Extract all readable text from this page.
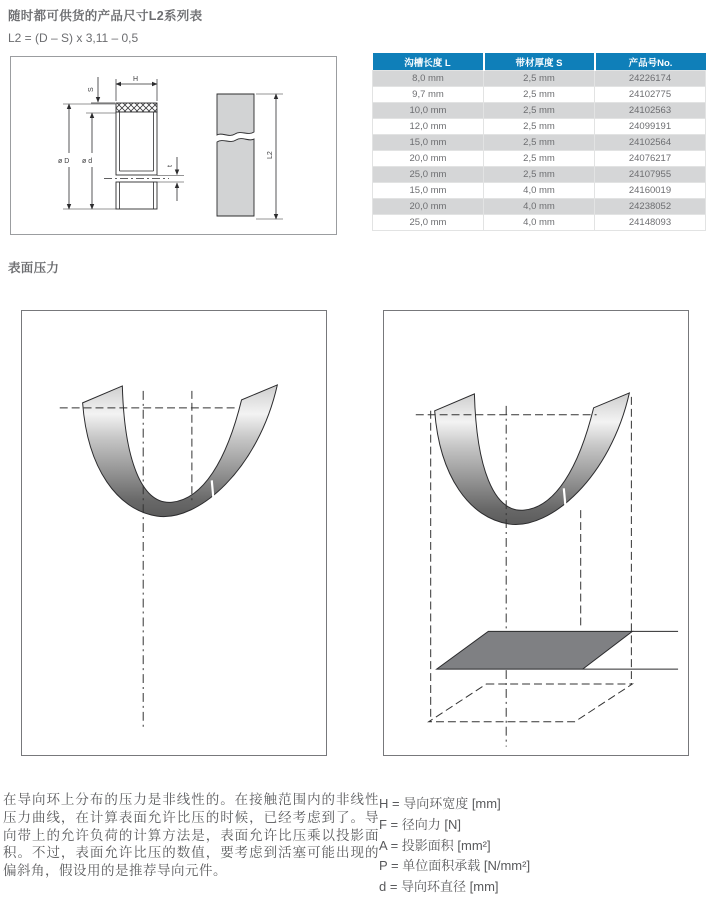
随时都可供货的产品尺寸L2系列表
L2 = (D – S) x 3,11 – 0,5
H
S
ø D ø d
t
L2
沟槽长度 L	带材厚度 S	产品号No.
8,0 mm	2,5 mm	24226174
9,7 mm	2,5 mm	24102775
10,0 mm	2,5 mm	24102563
12,0 mm	2,5 mm	24099191
15,0 mm	2,5 mm	24102564
20,0 mm	2,5 mm	24076217
25,0 mm	2,5 mm	24107955
15,0 mm	4,0 mm	24160019
20,0 mm	4,0 mm	24238052
25,0 mm	4,0 mm	24148093
表面压力

在导向环上分布的压力是非线性的。在接触范围内的非线性压力曲线，在计算表面允许比压的时候，已经考虑到了。导向带上的允许负荷的计算方法是，表面允许比压乘以投影面积。不过，表面允许比压的数值，要考虑到活塞可能出现的偏斜角，假设用的是推荐导向元件。

H = 导向环宽度 [mm]
F = 径向力 [N]
A = 投影面积 [mm²]
P = 单位面积承载 [N/mm²]
d = 导向环直径 [mm]
